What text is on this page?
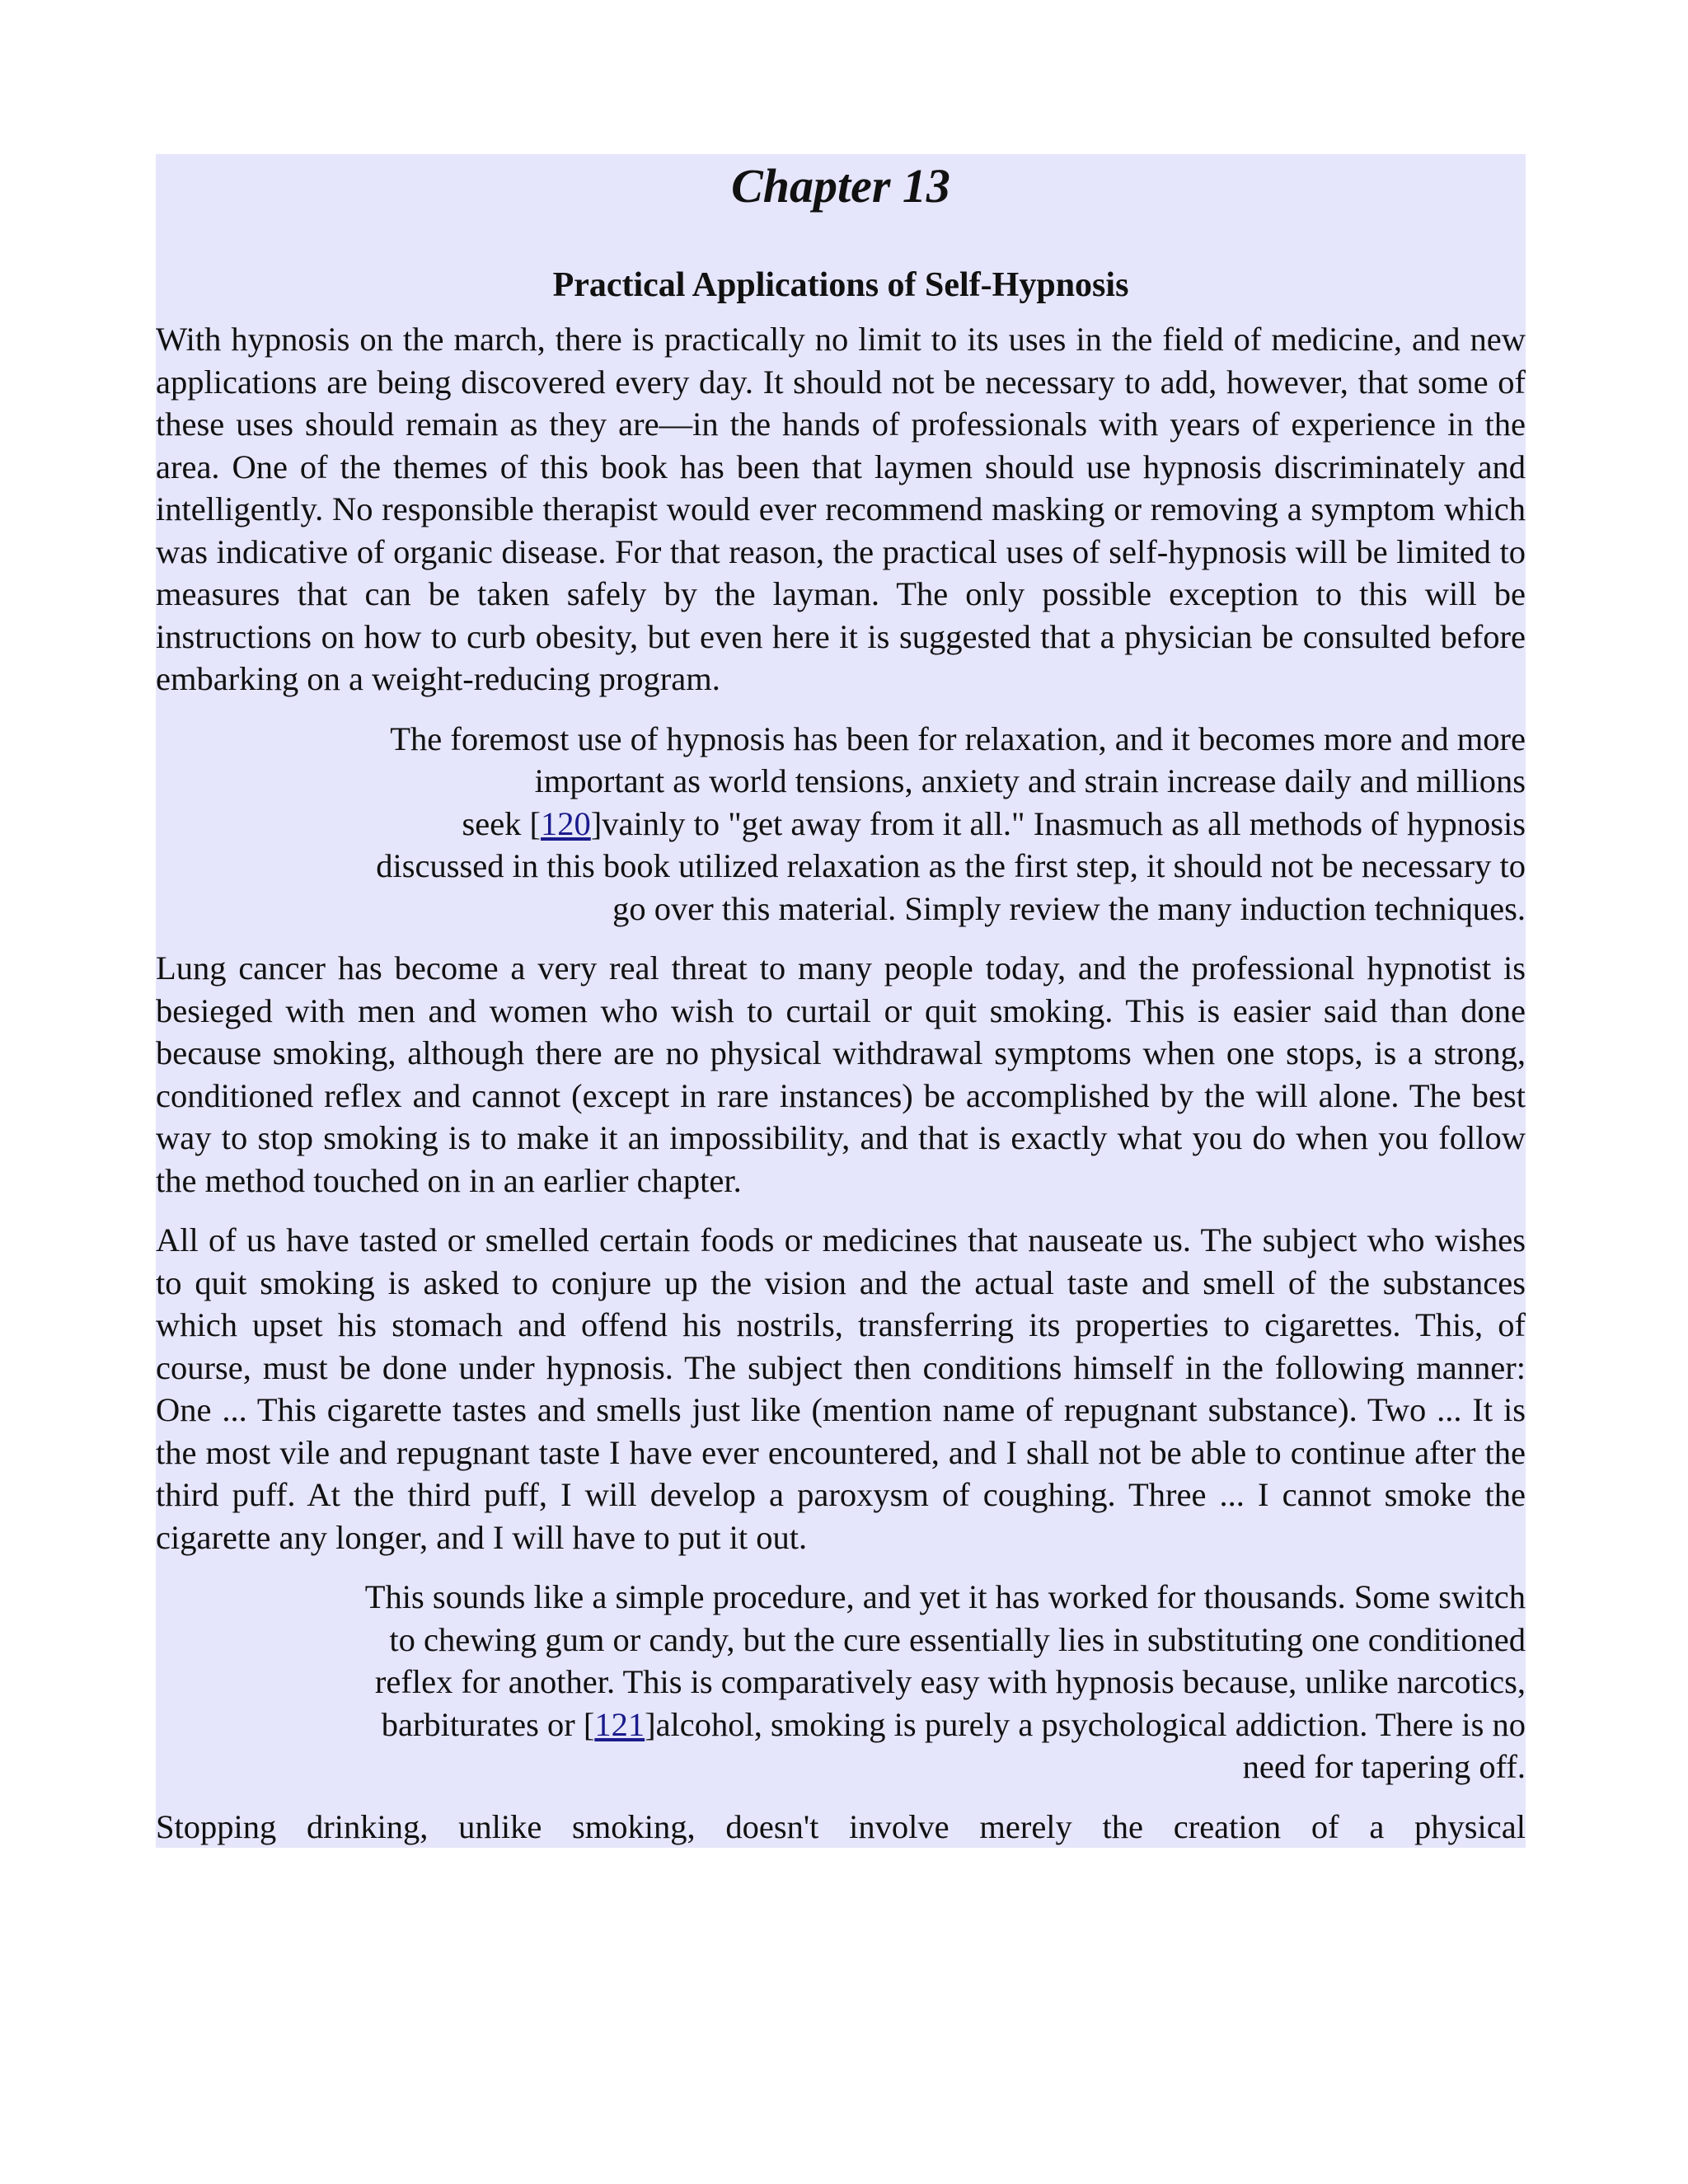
Chapter 13
Practical Applications of Self-Hypnosis

With hypnosis on the march, there is practically no limit to its uses in the field of medicine, and new applications are being discovered every day. It should not be necessary to add, however, that some of these uses should remain as they are—in the hands of professionals with years of experience in the area. One of the themes of this book has been that laymen should use hypnosis discriminately and intelligently. No responsible therapist would ever recommend masking or removing a symptom which was indicative of organic disease. For that reason, the practical uses of self-hypnosis will be limited to measures that can be taken safely by the layman. The only possible exception to this will be instructions on how to curb obesity, but even here it is suggested that a physician be consulted before embarking on a weight-reducing program.

The foremost use of hypnosis has been for relaxation, and it becomes more and more
important as world tensions, anxiety and strain increase daily and millions
seek [120]vainly to "get away from it all." Inasmuch as all methods of hypnosis
discussed in this book utilized relaxation as the first step, it should not be necessary to
go over this material. Simply review the many induction techniques.

Lung cancer has become a very real threat to many people today, and the professional hypnotist is besieged with men and women who wish to curtail or quit smoking. This is easier said than done because smoking, although there are no physical withdrawal symptoms when one stops, is a strong, conditioned reflex and cannot (except in rare instances) be accomplished by the will alone. The best way to stop smoking is to make it an impossibility, and that is exactly what you do when you follow the method touched on in an earlier chapter.

All of us have tasted or smelled certain foods or medicines that nauseate us. The subject who wishes to quit smoking is asked to conjure up the vision and the actual taste and smell of the substances which upset his stomach and offend his nostrils, transferring its properties to cigarettes. This, of course, must be done under hypnosis. The subject then conditions himself in the following manner: One ... This cigarette tastes and smells just like (mention name of repugnant substance). Two ... It is the most vile and repugnant taste I have ever encountered, and I shall not be able to continue after the third puff. At the third puff, I will develop a paroxysm of coughing. Three ... I cannot smoke the cigarette any longer, and I will have to put it out.

This sounds like a simple procedure, and yet it has worked for thousands. Some switch
to chewing gum or candy, but the cure essentially lies in substituting one conditioned
reflex for another. This is comparatively easy with hypnosis because, unlike narcotics,
barbiturates or [121]alcohol, smoking is purely a psychological addiction. There is no
need for tapering off.

Stopping drinking, unlike smoking, doesn't involve merely the creation of a physical
